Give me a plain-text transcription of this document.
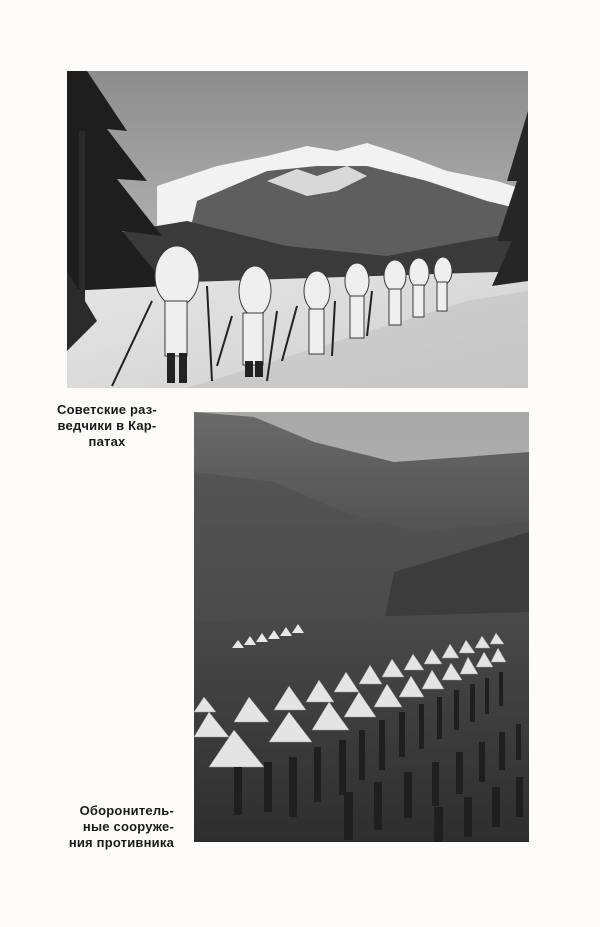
Советские раз-
ведчики в Кар-
патах
Оборонитель-
ные сооруже-
ния противника
